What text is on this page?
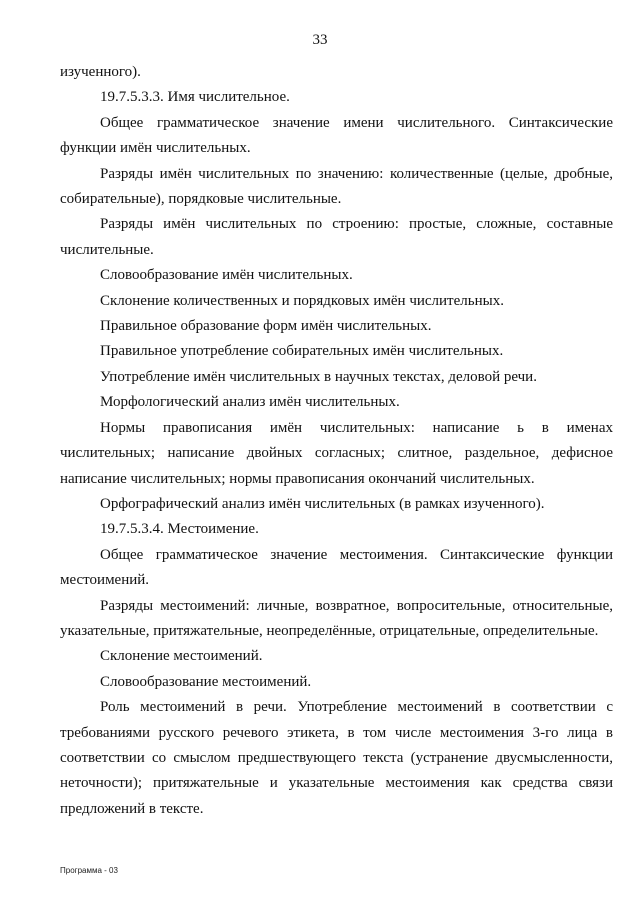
33

изученного).

19.7.5.3.3. Имя числительное.

Общее грамматическое значение имени числительного. Синтаксические функции имён числительных.

Разряды имён числительных по значению: количественные (целые, дробные, собирательные), порядковые числительные.

Разряды имён числительных по строению: простые, сложные, составные числительные.

Словообразование имён числительных.

Склонение количественных и порядковых имён числительных.

Правильное образование форм имён числительных.

Правильное употребление собирательных имён числительных.

Употребление имён числительных в научных текстах, деловой речи.

Морфологический анализ имён числительных.

Нормы правописания имён числительных: написание ь в именах числительных; написание двойных согласных; слитное, раздельное, дефисное написание числительных; нормы правописания окончаний числительных.

Орфографический анализ имён числительных (в рамках изученного).

19.7.5.3.4. Местоимение.

Общее грамматическое значение местоимения. Синтаксические функции местоимений.

Разряды местоимений: личные, возвратное, вопросительные, относительные, указательные, притяжательные, неопределённые, отрицательные, определительные.

Склонение местоимений.

Словообразование местоимений.

Роль местоимений в речи. Употребление местоимений в соответствии с требованиями русского речевого этикета, в том числе местоимения 3-го лица в соответствии со смыслом предшествующего текста (устранение двусмысленности, неточности); притяжательные и указательные местоимения как средства связи предложений в тексте.

Программа - 03
